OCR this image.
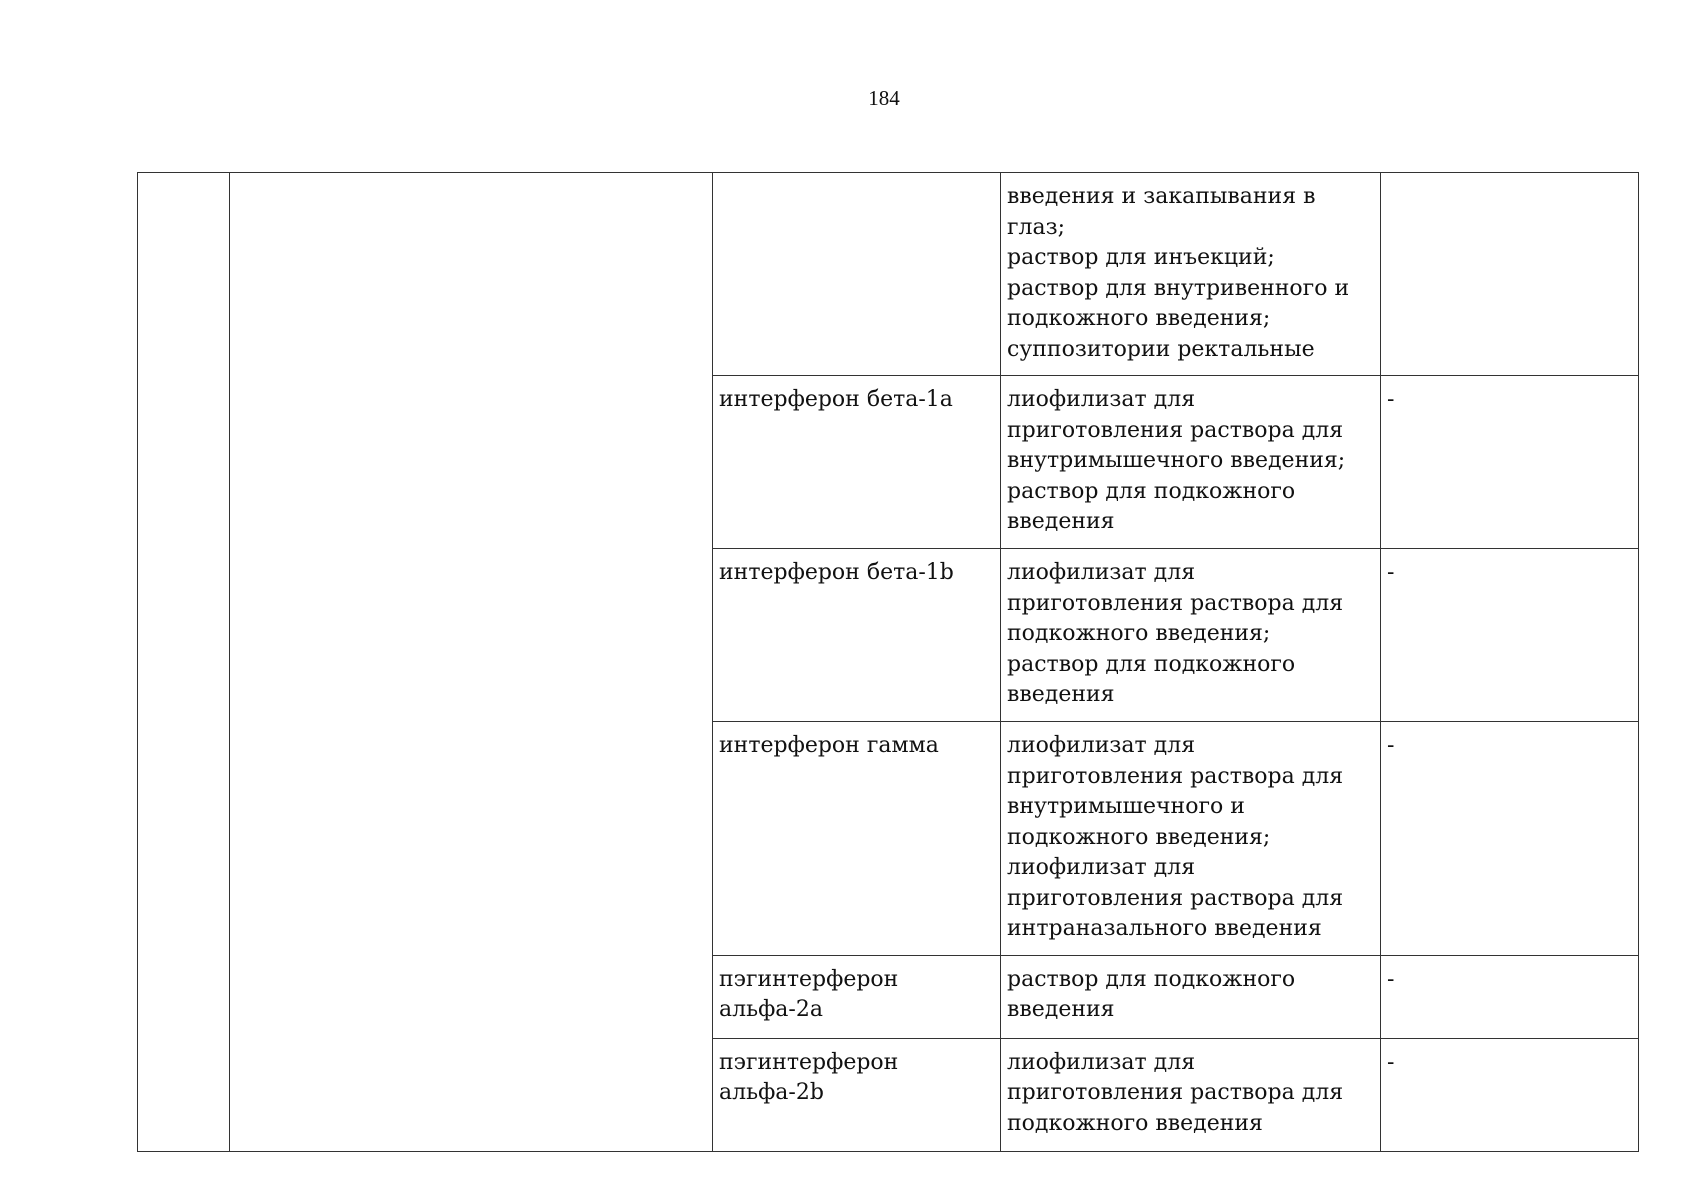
184
			введения и закапывания в глаз;
раствор для инъекций;
раствор для внутривенного и подкожного введения;
суппозитории ректальные	
		интерферон бета-1a	лиофилизат для приготовления раствора для внутримышечного введения;
раствор для подкожного введения	-
		интерферон бета-1b	лиофилизат для приготовления раствора для подкожного введения;
раствор для подкожного введения	-
		интерферон гамма	лиофилизат для приготовления раствора для внутримышечного и подкожного введения;
лиофилизат для приготовления раствора для интраназального введения	-
		пэгинтерферон альфа-2a	раствор для подкожного введения	-
		пэгинтерферон альфа-2b	лиофилизат для приготовления раствора для подкожного введения	-
